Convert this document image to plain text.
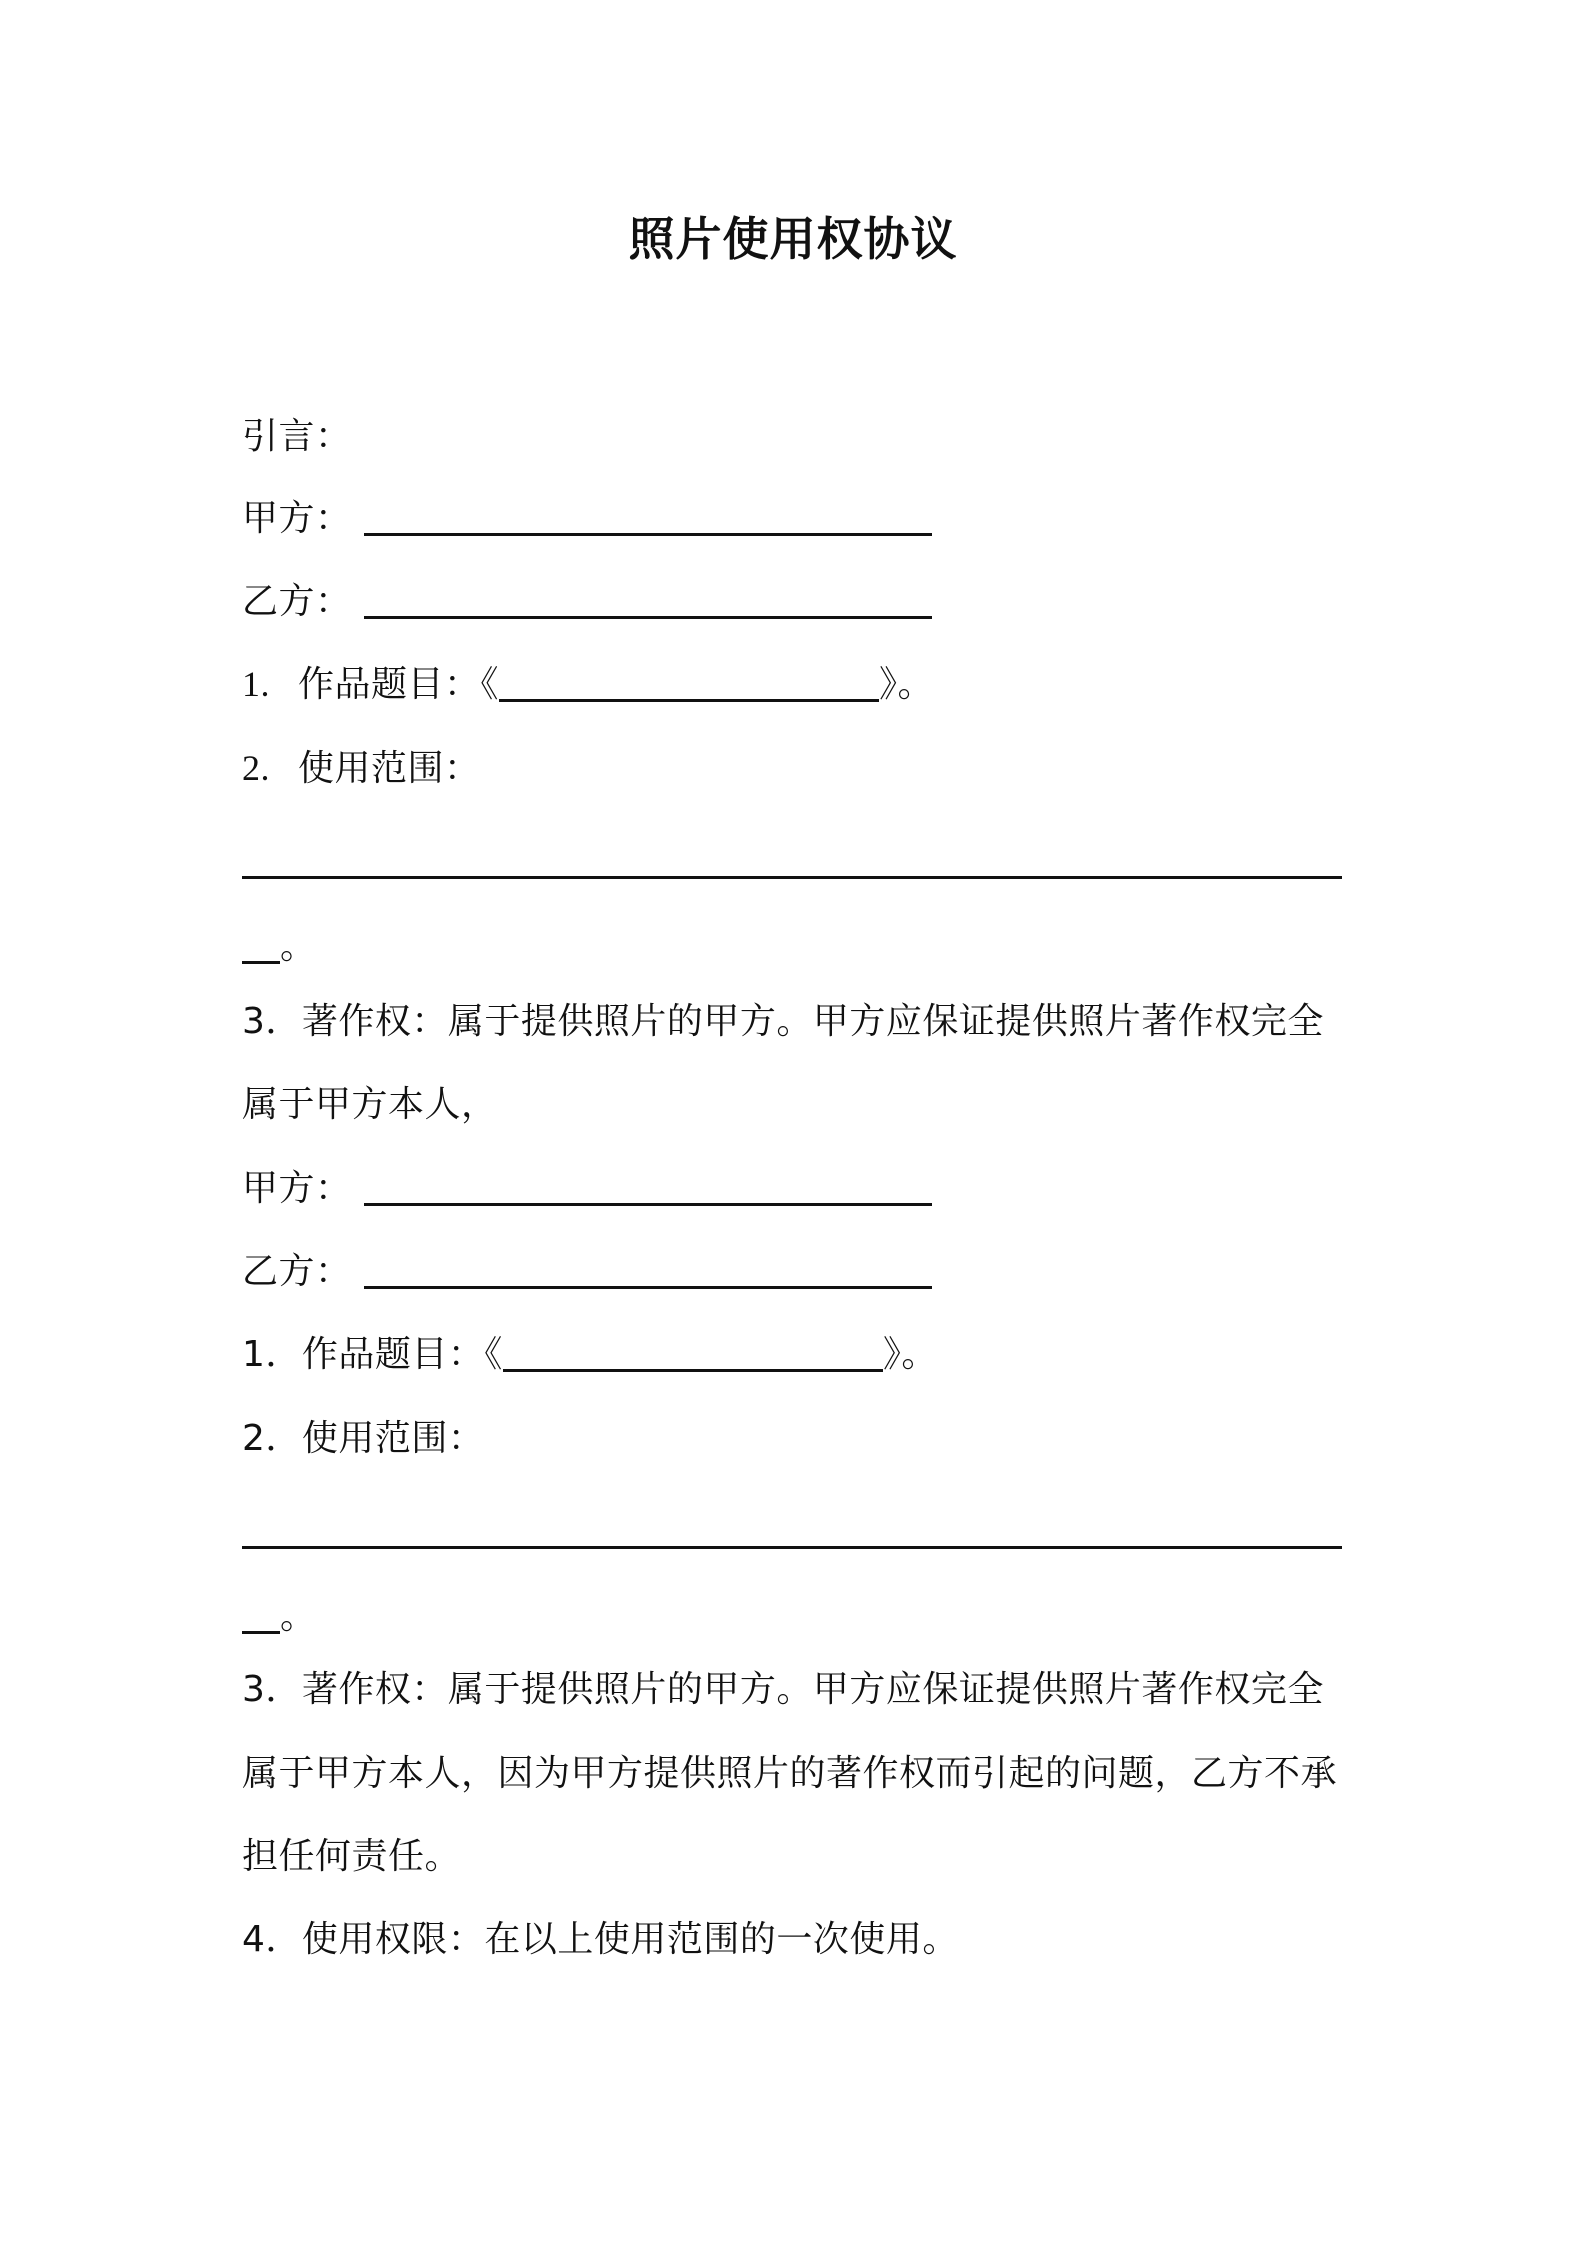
照片使用权协议
引言：
甲方：
乙方：
1. 作品题目：《	》。
2. 使用范围：
。
3．著作权：属于提供照片的甲方。甲方应保证提供照片著作权完全
属于甲方本人，
甲方：
乙方：
1．作品题目：《	》。
2．使用范围：
。
3．著作权：属于提供照片的甲方。甲方应保证提供照片著作权完全
属于甲方本人，因为甲方提供照片的著作权而引起的问题，乙方不承
担任何责任。
4．使用权限：在以上使用范围的一次使用。
